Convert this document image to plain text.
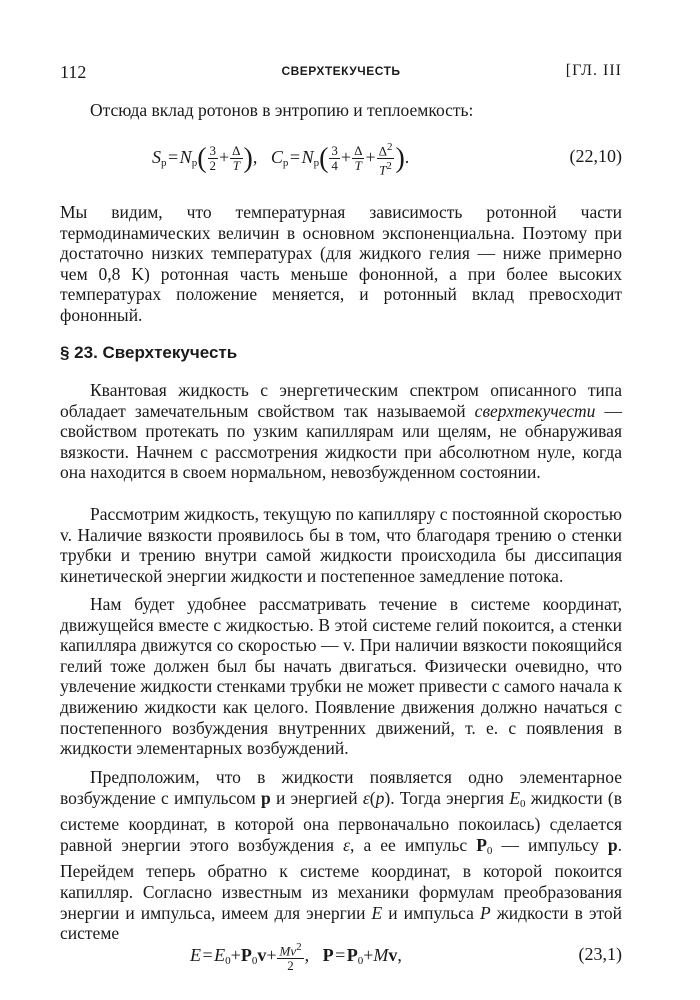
112	СВЕРХТЕКУЧЕСТЬ	[ГЛ. III

Отсюда вклад ротонов в энтропию и теплоемкость:

$S_р$ = $N_р( \frac{3}{2} + \frac{\Delta}{T}$ ),   $C_р$ = $N_р( \frac{3}{4} + \frac{\Delta}{T} + \frac{\Delta^2}{T^2}$ ).	(22,10)

Мы видим, что температурная зависимость ротонной части термодинамических величин в основном экспоненциальна. Поэтому при достаточно низких температурах (для жидкого гелия — ниже примерно чем 0,8 K) ротонная часть меньше фононной, а при более высоких температурах положение меняется, и ротонный вклад превосходит фононный.

§ 23. Сверхтекучесть

Квантовая жидкость с энергетическим спектром описанного типа обладает замечательным свойством так называемой сверхтекучести — свойством протекать по узким капиллярам или щелям, не обнаруживая вязкости. Начнем с рассмотрения жидкости при абсолютном нуле, когда она находится в своем нормальном, невозбужденном состоянии.

Рассмотрим жидкость, текущую по капилляру с постоянной скоростью v. Наличие вязкости проявилось бы в том, что благодаря трению о стенки трубки и трению внутри самой жидкости происходила бы диссипация кинетической энергии жидкости и постепенное замедление потока.

Нам будет удобнее рассматривать течение в системе координат, движущейся вместе с жидкостью. В этой системе гелий покоится, а стенки капилляра движутся со скоростью — v. При наличии вязкости покоящийся гелий тоже должен был бы начать двигаться. Физически очевидно, что увлечение жидкости стенками трубки не может привести с самого начала к движению жидкости как целого. Появление движения должно начаться с постепенного возбуждения внутренних движений, т. е. с появления в жидкости элементарных возбуждений.

Предположим, что в жидкости появляется одно элементарное возбуждение с импульсом p и энергией ε(p). Тогда энергия $E_0$ жидкости (в системе координат, в которой она первоначально покоилась) сделается равной энергии этого возбуждения ε, а ее импульс $P_0$ — импульсу p. Перейдем теперь обратно к системе координат, в которой покоится капилляр. Согласно известным из механики формулам преобразования энергии и импульса, имеем для энергии E и импульса P жидкости в этой системе

E = $E_0+P_0v+ \frac{Mv^2}{2}$ ,   P = $P_0+Mv$,	(23,1)
